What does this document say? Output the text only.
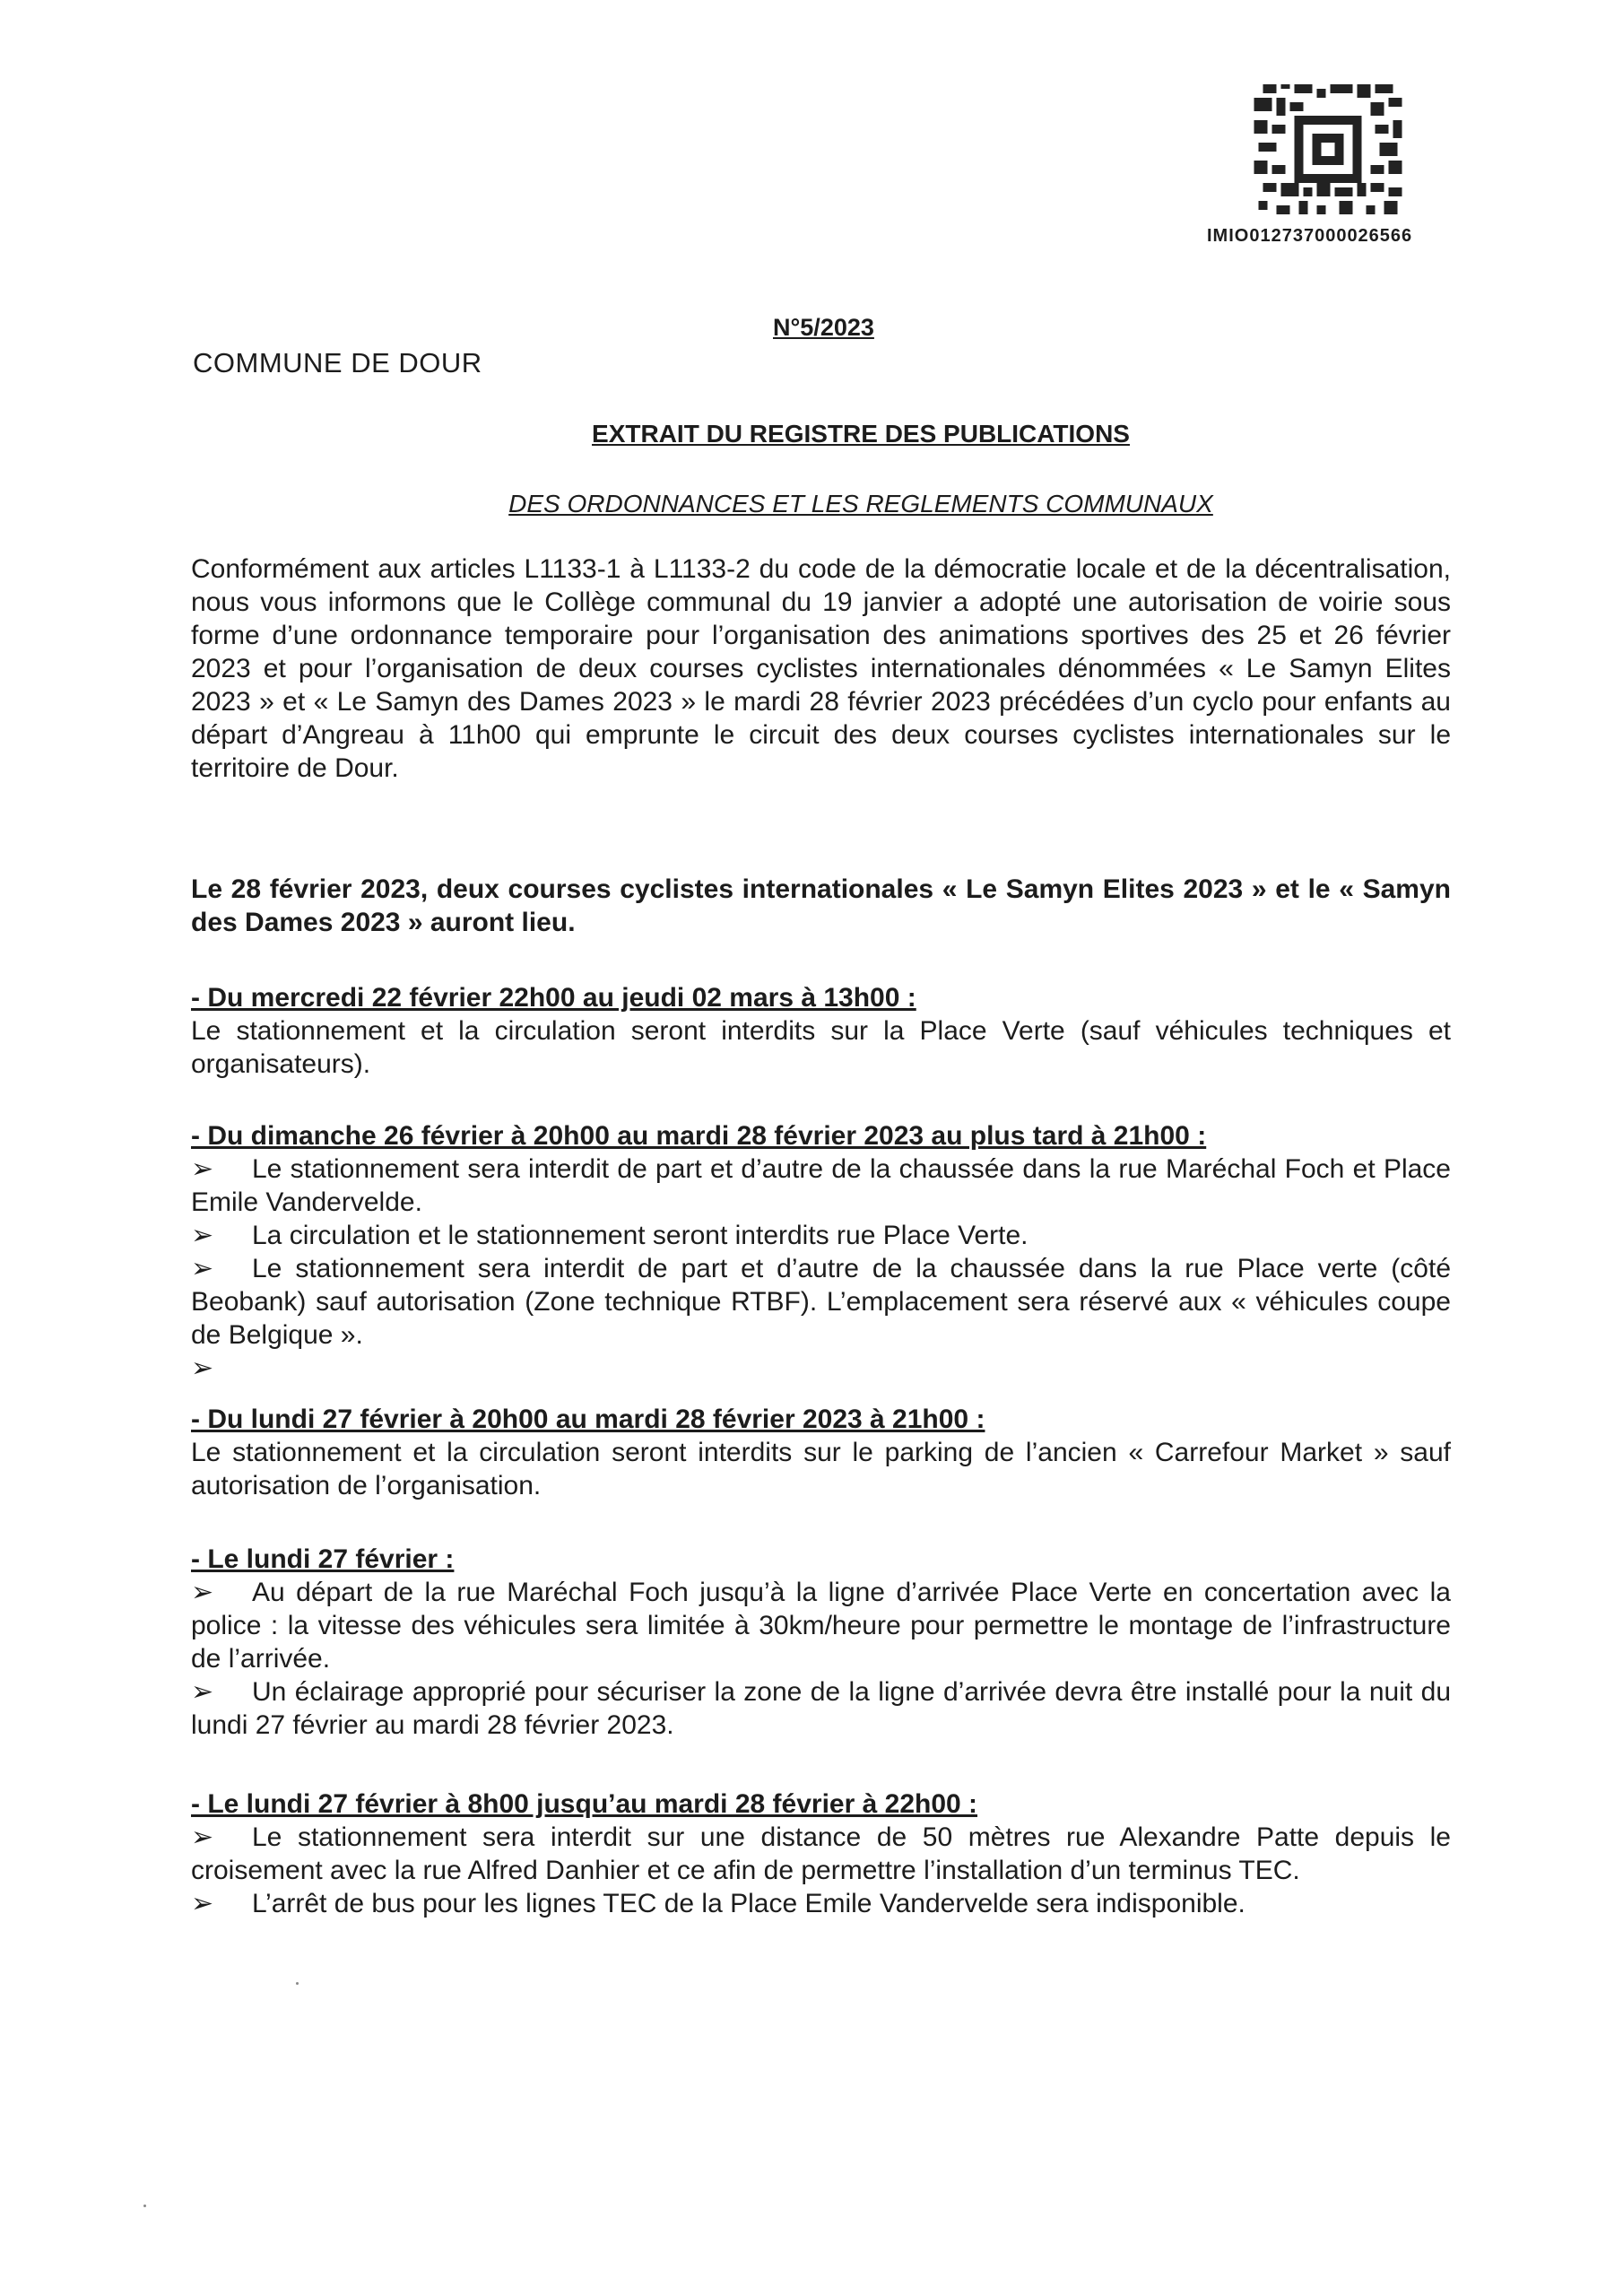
IMIO012737000026566
N°5/2023
COMMUNE DE DOUR
EXTRAIT DU REGISTRE DES PUBLICATIONS
DES ORDONNANCES ET LES REGLEMENTS COMMUNAUX
Conformément aux articles L1133-1 à L1133-2 du code de la démocratie locale et de la décentralisation, nous vous informons que le Collège communal du 19 janvier a adopté une autorisation de voirie sous forme d’une ordonnance temporaire pour l’organisation des animations sportives des 25 et 26 février 2023 et pour l’organisation de deux courses cyclistes internationales dénommées « Le Samyn Elites 2023 » et « Le Samyn des Dames 2023 » le mardi 28 février 2023 précédées d’un cyclo pour enfants au départ d’Angreau à 11h00 qui emprunte le circuit des deux courses cyclistes internationales sur le territoire de Dour.
Le 28 février 2023, deux courses cyclistes internationales « Le Samyn Elites 2023 » et le « Samyn des Dames 2023 » auront lieu.

- Du mercredi 22 février 22h00 au jeudi 02 mars à 13h00 :

Le stationnement et la circulation seront interdits sur la Place Verte (sauf véhicules techniques et organisateurs).

- Du dimanche 26 février à 20h00 au mardi 28 février 2023 au plus tard à 21h00 :

➢ Le stationnement sera interdit de part et d’autre de la chaussée dans la rue Maréchal Foch et Place Emile Vandervelde.

➢ La circulation et le stationnement seront interdits rue Place Verte.

➢ Le stationnement sera interdit de part et d’autre de la chaussée dans la rue Place verte (côté Beobank) sauf autorisation (Zone technique RTBF). L’emplacement sera réservé aux « véhicules coupe de Belgique ».

➢

- Du lundi 27 février à 20h00 au mardi 28 février 2023 à 21h00 :

Le stationnement et la circulation seront interdits sur le parking de l’ancien « Carrefour Market » sauf autorisation de l’organisation.

- Le lundi 27 février :

➢ Au départ de la rue Maréchal Foch jusqu’à la ligne d’arrivée Place Verte en concertation avec la police : la vitesse des véhicules sera limitée à 30km/heure pour permettre le montage de l’infrastructure de l’arrivée.

➢ Un éclairage approprié pour sécuriser la zone de la ligne d’arrivée devra être installé pour la nuit du lundi 27 février au mardi 28 février 2023.

- Le lundi 27 février à 8h00 jusqu’au mardi 28 février à 22h00 :

➢ Le stationnement sera interdit sur une distance de 50 mètres rue Alexandre Patte depuis le croisement avec la rue Alfred Danhier et ce afin de permettre l’installation d’un terminus TEC.

➢ L’arrêt de bus pour les lignes TEC de la Place Emile Vandervelde sera indisponible.
